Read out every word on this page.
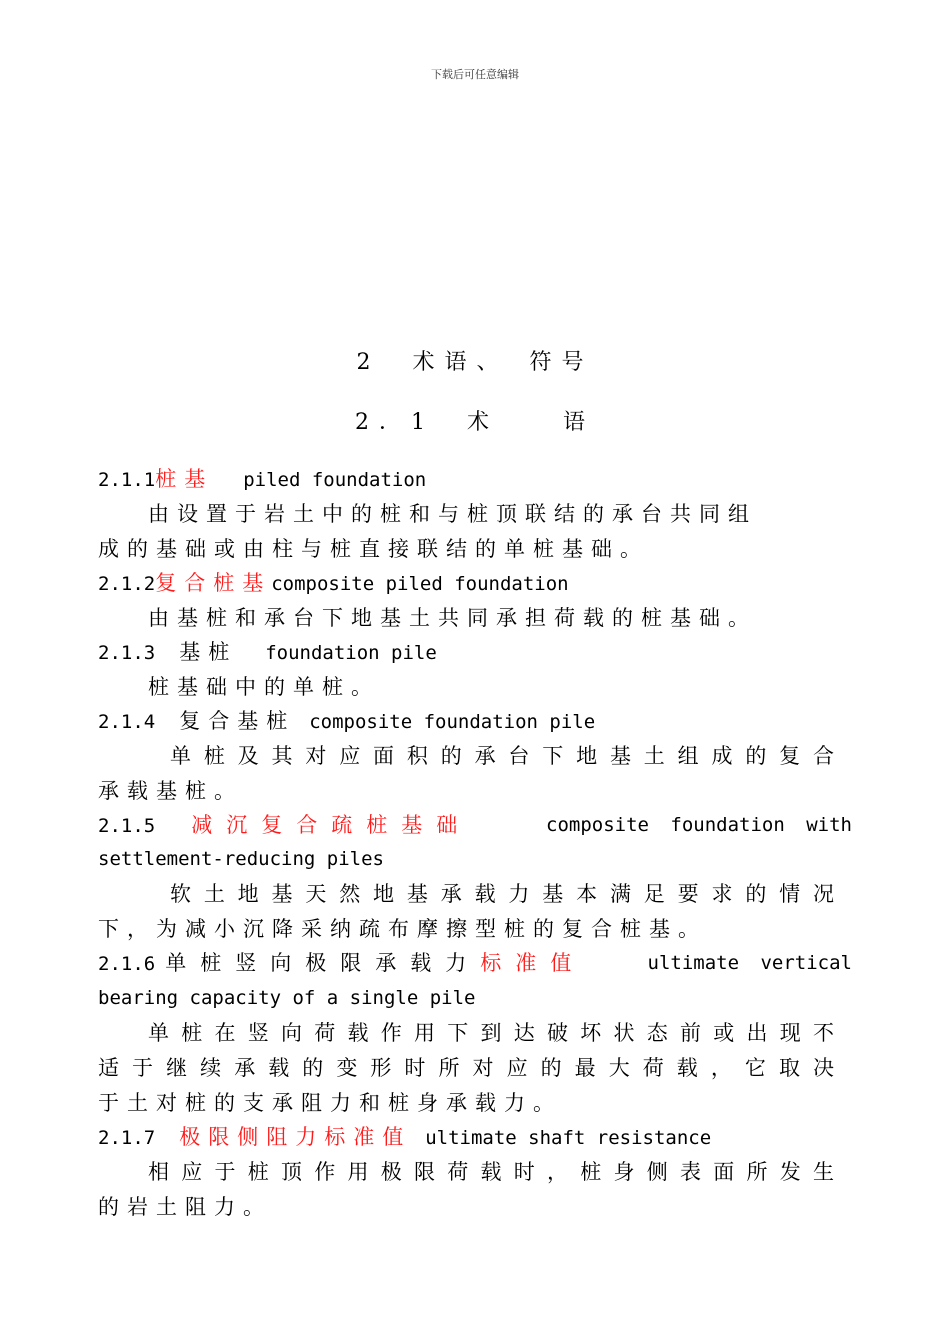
下载后可任意编辑
2　术语、　符号
2．1　术　　语
2.1.1桩基 piled foundation
由设置于岩土中的桩和与桩顶联结的承台共同组
成的基础或由柱与桩直接联结的单桩基础。
2.1.2复合桩基composite piled foundation
由基桩和承台下地基土共同承担荷载的桩基础。
2.1.3 基桩 foundation pile
桩基础中的单桩。
2.1.4 复合基桩 composite foundation pile
单桩及其对应面积的承台下地基土组成的复合
承载基桩。
2.1.5 减沉复合疏桩基础	composite foundation with
settlement-reducing piles
软土地基天然地基承载力基本满足要求的情况
下，为减小沉降采纳疏布摩擦型桩的复合桩基。
2.1.6 单桩竖向极限承载力标准值	ultimate vertical
bearing capacity of a single pile
单桩在竖向荷载作用下到达破坏状态前或出现不
适于继续承载的变形时所对应的最大荷载，它取决
于土对桩的支承阻力和桩身承载力。
2.1.7 极限侧阻力标准值 ultimate shaft resistance
相应于桩顶作用极限荷载时，桩身侧表面所发生
的岩土阻力。
